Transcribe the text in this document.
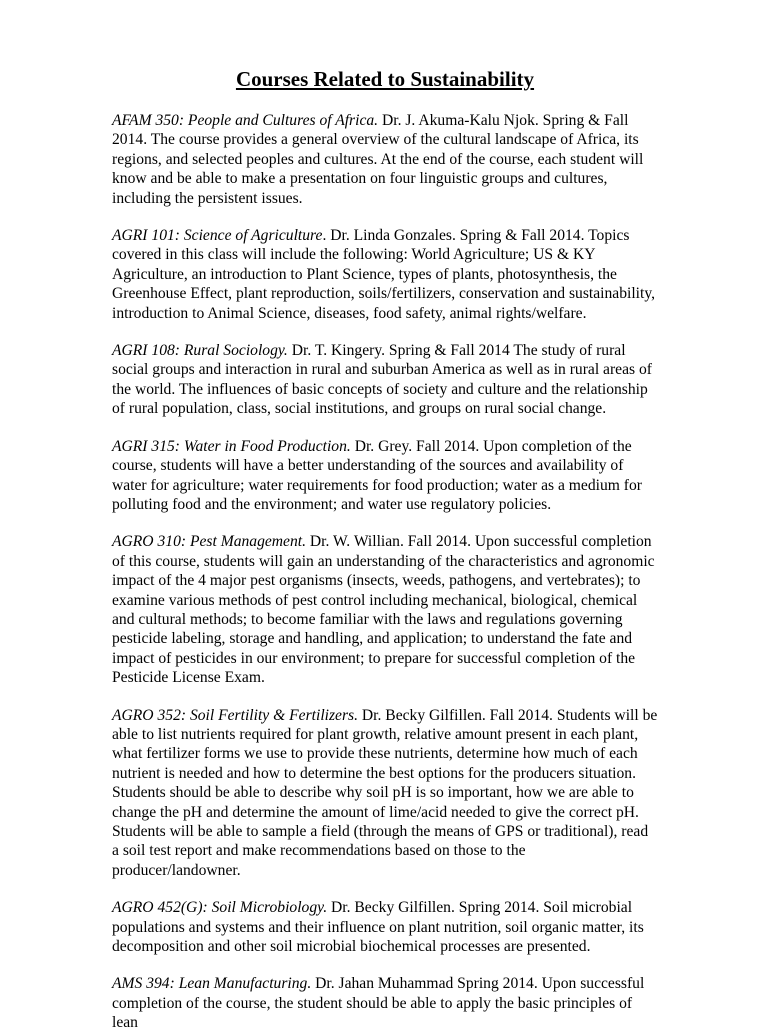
Courses Related to Sustainability

AFAM 350: People and Cultures of Africa. Dr. J. Akuma-Kalu Njok. Spring & Fall 2014. The course provides a general overview of the cultural landscape of Africa, its regions, and selected peoples and cultures. At the end of the course, each student will know and be able to make a presentation on four linguistic groups and cultures, including the persistent issues.

AGRI 101: Science of Agriculture. Dr. Linda Gonzales. Spring & Fall 2014. Topics covered in this class will include the following: World Agriculture; US & KY Agriculture, an introduction to Plant Science, types of plants, photosynthesis, the Greenhouse Effect, plant reproduction, soils/fertilizers, conservation and sustainability, introduction to Animal Science, diseases, food safety, animal rights/welfare.

AGRI 108: Rural Sociology. Dr. T. Kingery. Spring & Fall 2014 The study of rural social groups and interaction in rural and suburban America as well as in rural areas of the world. The influences of basic concepts of society and culture and the relationship of rural population, class, social institutions, and groups on rural social change.

AGRI 315: Water in Food Production. Dr. Grey. Fall 2014. Upon completion of the course, students will have a better understanding of the sources and availability of water for agriculture; water requirements for food production; water as a medium for polluting food and the environment; and water use regulatory policies.

AGRO 310: Pest Management. Dr. W. Willian. Fall 2014. Upon successful completion of this course, students will gain an understanding of the characteristics and agronomic impact of the 4 major pest organisms (insects, weeds, pathogens, and vertebrates); to examine various methods of pest control including mechanical, biological, chemical and cultural methods; to become familiar with the laws and regulations governing pesticide labeling, storage and handling, and application; to understand the fate and impact of pesticides in our environment; to prepare for successful completion of the Pesticide License Exam.

AGRO 352: Soil Fertility & Fertilizers. Dr. Becky Gilfillen. Fall 2014. Students will be able to list nutrients required for plant growth, relative amount present in each plant, what fertilizer forms we use to provide these nutrients, determine how much of each nutrient is needed and how to determine the best options for the producers situation. Students should be able to describe why soil pH is so important, how we are able to change the pH and determine the amount of lime/acid needed to give the correct pH. Students will be able to sample a field (through the means of GPS or traditional), read a soil test report and make recommendations based on those to the producer/landowner.

AGRO 452(G): Soil Microbiology. Dr. Becky Gilfillen. Spring 2014. Soil microbial populations and systems and their influence on plant nutrition, soil organic matter, its decomposition and other soil microbial biochemical processes are presented.

AMS 394: Lean Manufacturing. Dr. Jahan Muhammad Spring 2014. Upon successful completion of the course, the student should be able to apply the basic principles of lean
